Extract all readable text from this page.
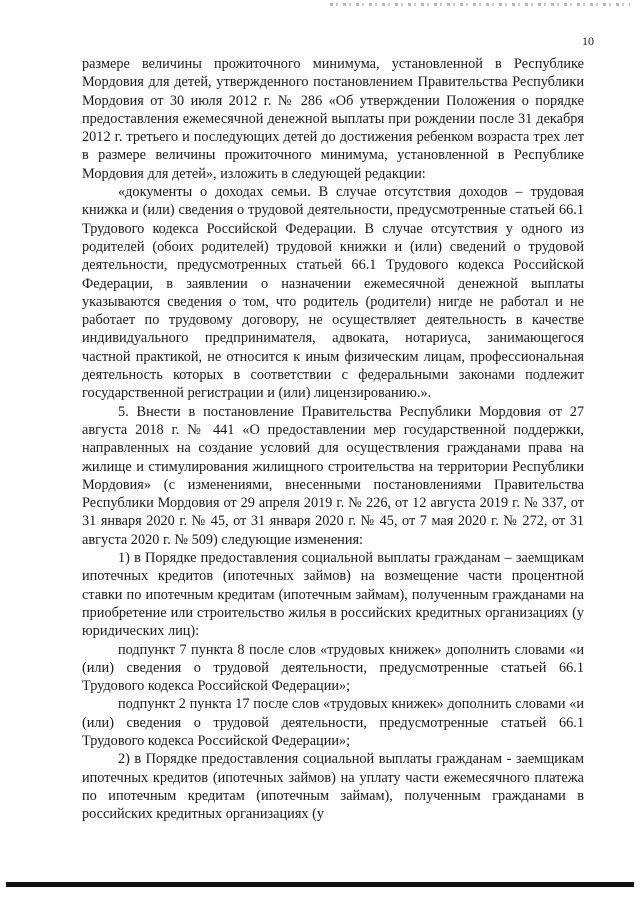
10

размере величины прожиточного минимума, установленной в Республике Мордовия для детей, утвержденного постановлением Правительства Республики Мордовия от 30 июля 2012 г. № 286 «Об утверждении Положения о порядке предоставления ежемесячной денежной выплаты при рождении после 31 декабря 2012 г. третьего и последующих детей до достижения ребенком возраста трех лет в размере величины прожиточного минимума, установленной в Республике Мордовия для детей», изложить в следующей редакции:

«документы о доходах семьи. В случае отсутствия доходов – трудовая книжка и (или) сведения о трудовой деятельности, предусмотренные статьей 66.1 Трудового кодекса Российской Федерации. В случае отсутствия у одного из родителей (обоих родителей) трудовой книжки и (или) сведений о трудовой деятельности, предусмотренных статьей 66.1 Трудового кодекса Российской Федерации, в заявлении о назначении ежемесячной денежной выплаты указываются сведения о том, что родитель (родители) нигде не работал и не работает по трудовому договору, не осуществляет деятельность в качестве индивидуального предпринимателя, адвоката, нотариуса, занимающегося частной практикой, не относится к иным физическим лицам, профессиональная деятельность которых в соответствии с федеральными законами подлежит государственной регистрации и (или) лицензированию.».

5. Внести в постановление Правительства Республики Мордовия от 27 августа 2018 г. № 441 «О предоставлении мер государственной поддержки, направленных на создание условий для осуществления гражданами права на жилище и стимулирования жилищного строительства на территории Республики Мордовия» (с изменениями, внесенными постановлениями Правительства Республики Мордовия от 29 апреля 2019 г. № 226, от 12 августа 2019 г. № 337, от 31 января 2020 г. № 45, от 31 января 2020 г. № 45, от 7 мая 2020 г. № 272, от 31 августа 2020 г. № 509) следующие изменения:

1) в Порядке предоставления социальной выплаты гражданам – заемщикам ипотечных кредитов (ипотечных займов) на возмещение части процентной ставки по ипотечным кредитам (ипотечным займам), полученным гражданами на приобретение или строительство жилья в российских кредитных организациях (у юридических лиц):

подпункт 7 пункта 8 после слов «трудовых книжек» дополнить словами «и (или) сведения о трудовой деятельности, предусмотренные статьей 66.1 Трудового кодекса Российской Федерации»;

подпункт 2 пункта 17 после слов «трудовых книжек» дополнить словами «и (или) сведения о трудовой деятельности, предусмотренные статьей 66.1 Трудового кодекса Российской Федерации»;

2) в Порядке предоставления социальной выплаты гражданам - заемщикам ипотечных кредитов (ипотечных займов) на уплату части ежемесячного платежа по ипотечным кредитам (ипотечным займам), полученным гражданами в российских кредитных организациях (у
